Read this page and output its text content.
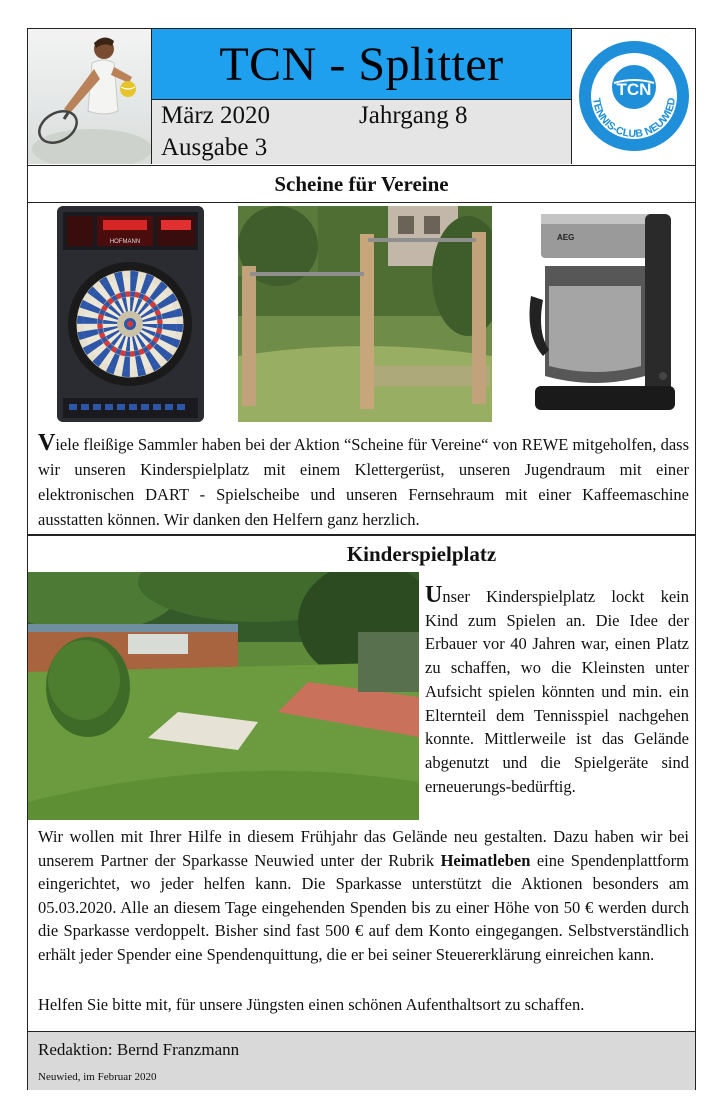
TCN - Splitter
März 2020	Jahrgang 8
Ausgabe 3
TCN
TENNIS-CLUB NEUWIED
Scheine für Vereine
HOFMANN	AEG
Viele fleißige Sammler haben bei der Aktion “Scheine für Vereine“ von REWE mitgeholfen, dass wir unseren Kinderspielplatz mit einem Klettergerüst, unseren Jugendraum mit einer elektronischen DART - Spielscheibe und unseren Fernsehraum mit einer Kaffeemaschine ausstatten können. Wir danken den Helfern ganz herzlich.
Kinderspielplatz
Unser Kinderspielplatz lockt kein Kind zum Spielen an. Die Idee der Erbauer vor 40 Jahren war, einen Platz zu schaffen, wo die Kleinsten unter Aufsicht spielen könnten und min. ein Elternteil dem Tennisspiel nachgehen konnte. Mittlerweile ist das Gelände abgenutzt und die Spielgeräte sind erneuerungs-bedürftig.
Wir wollen mit Ihrer Hilfe in diesem Frühjahr das Gelände neu gestalten. Dazu haben wir bei unserem Partner der Sparkasse Neuwied unter der Rubrik Heimatleben eine Spendenplattform eingerichtet, wo jeder helfen kann. Die Sparkasse unterstützt die Aktionen besonders am 05.03.2020. Alle an diesem Tage eingehenden Spenden bis zu einer Höhe von 50 € werden durch die Sparkasse verdoppelt. Bisher sind fast 500 € auf dem Konto eingegangen. Selbstverständlich erhält jeder Spender eine Spendenquittung, die er bei seiner Steuererklärung einreichen kann.
Helfen Sie bitte mit, für unsere Jüngsten einen schönen Aufenthaltsort zu schaffen.
Redaktion: Bernd Franzmann
Neuwied, im Februar 2020
